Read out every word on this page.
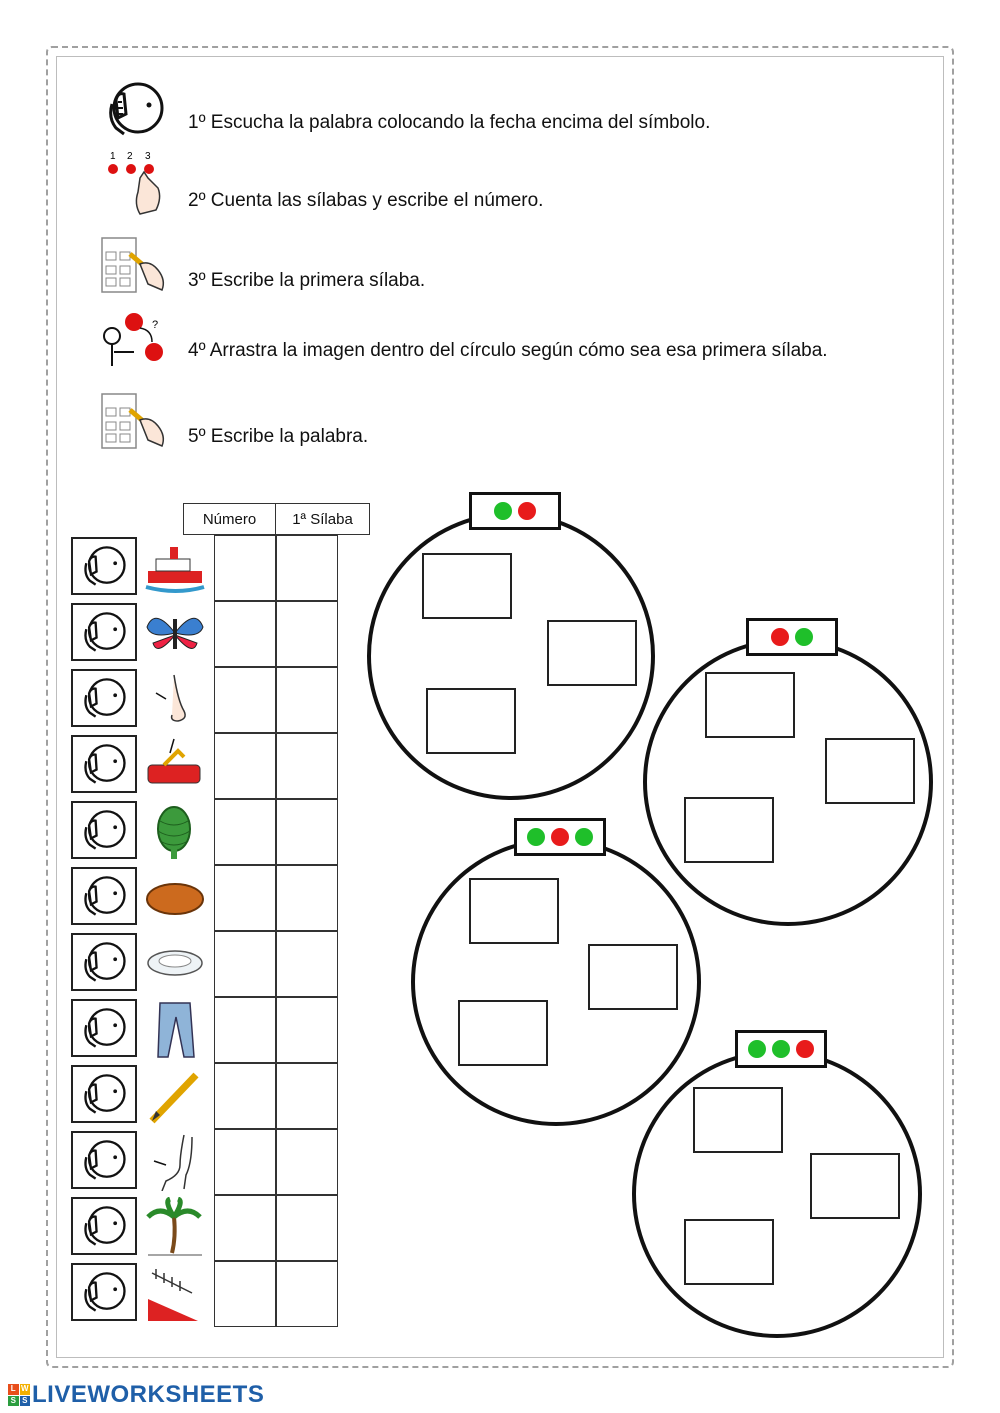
1º Escucha la palabra colocando la fecha encima del símbolo.
1 2 3
2º Cuenta las sílabas y escribe el número.
3º Escribe la primera sílaba.
?
4º Arrastra la imagen dentro del círculo según cómo sea esa primera sílaba.
5º Escribe la palabra.
Número	1ª Sílaba
L W
S S LIVEWORKSHEETS
